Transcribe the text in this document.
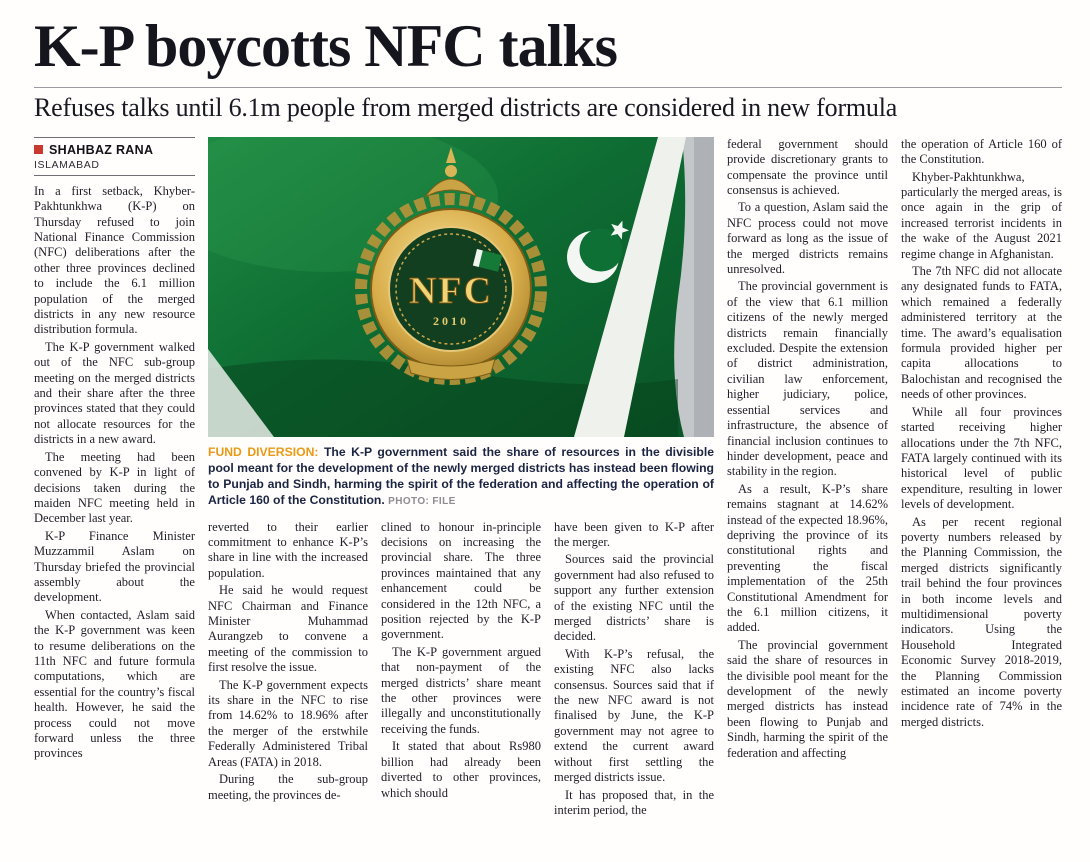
K-P boycotts NFC talks
Refuses talks until 6.1m people from merged districts are considered in new formula
SHAHBAZ RANA
ISLAMABAD

In a first setback, Khyber-Pakhtunkhwa (K-P) on Thursday refused to join National Finance Commission (NFC) deliberations after the other three provinces declined to include the 6.1 million population of the merged districts in any new resource distribution formula.

The K-P government walked out of the NFC sub-group meeting on the merged districts and their share after the three provinces stated that they could not allocate resources for the districts in a new award.

The meeting had been convened by K-P in light of decisions taken during the maiden NFC meeting held in December last year.

K-P Finance Minister Muzzammil Aslam on Thursday briefed the provincial assembly about the development.

When contacted, Aslam said the K-P government was keen to resume deliberations on the 11th NFC and future formula computations, which are essential for the country’s fiscal health. However, he said the process could not move forward unless the three provinces

NFC
2010

FUND DIVERSION: The K-P government said the share of resources in the divisible pool meant for the development of the newly merged districts has instead been flowing to Punjab and Sindh, harming the spirit of the federation and affecting the operation of Article 160 of the Constitution. PHOTO: FILE

reverted to their earlier commitment to enhance K-P’s share in line with the increased population.

He said he would request NFC Chairman and Finance Minister Muhammad Aurangzeb to convene a meeting of the commission to first resolve the issue.

The K-P government expects its share in the NFC to rise from 14.62% to 18.96% after the merger of the erstwhile Federally Administered Tribal Areas (FATA) in 2018.

During the sub-group meeting, the provinces de-

clined to honour in-principle decisions on increasing the provincial share. The three provinces maintained that any enhancement could be considered in the 12th NFC, a position rejected by the K-P government.

The K-P government argued that non-payment of the merged districts’ share meant the other provinces were illegally and unconstitutionally receiving the funds.

It stated that about Rs980 billion had already been diverted to other provinces, which should

have been given to K-P after the merger.

Sources said the provincial government had also refused to support any further extension of the existing NFC until the merged districts’ share is decided.

With K-P’s refusal, the existing NFC also lacks consensus. Sources said that if the new NFC award is not finalised by June, the K-P government may not agree to extend the current award without first settling the merged districts issue.

It has proposed that, in the interim period, the

federal government should provide discretionary grants to compensate the province until consensus is achieved.

To a question, Aslam said the NFC process could not move forward as long as the issue of the merged districts remains unresolved.

The provincial government is of the view that 6.1 million citizens of the newly merged districts remain financially excluded. Despite the extension of district administration, civilian law enforcement, higher judiciary, police, essential services and infrastructure, the absence of financial inclusion continues to hinder development, peace and stability in the region.

As a result, K-P’s share remains stagnant at 14.62% instead of the expected 18.96%, depriving the province of its constitutional rights and preventing the fiscal implementation of the 25th Constitutional Amendment for the 6.1 million citizens, it added.

The provincial government said the share of resources in the divisible pool meant for the development of the newly merged districts has instead been flowing to Punjab and Sindh, harming the spirit of the federation and affecting

the operation of Article 160 of the Constitution.

Khyber-Pakhtunkhwa, particularly the merged areas, is once again in the grip of increased terrorist incidents in the wake of the August 2021 regime change in Afghanistan.

The 7th NFC did not allocate any designated funds to FATA, which remained a federally administered territory at the time. The award’s equalisation formula provided higher per capita allocations to Balochistan and recognised the needs of other provinces.

While all four provinces started receiving higher allocations under the 7th NFC, FATA largely continued with its historical level of public expenditure, resulting in lower levels of development.

As per recent regional poverty numbers released by the Planning Commission, the merged districts significantly trail behind the four provinces in both income levels and multidimensional poverty indicators. Using the Household Integrated Economic Survey 2018-2019, the Planning Commission estimated an income poverty incidence rate of 74% in the merged districts.
